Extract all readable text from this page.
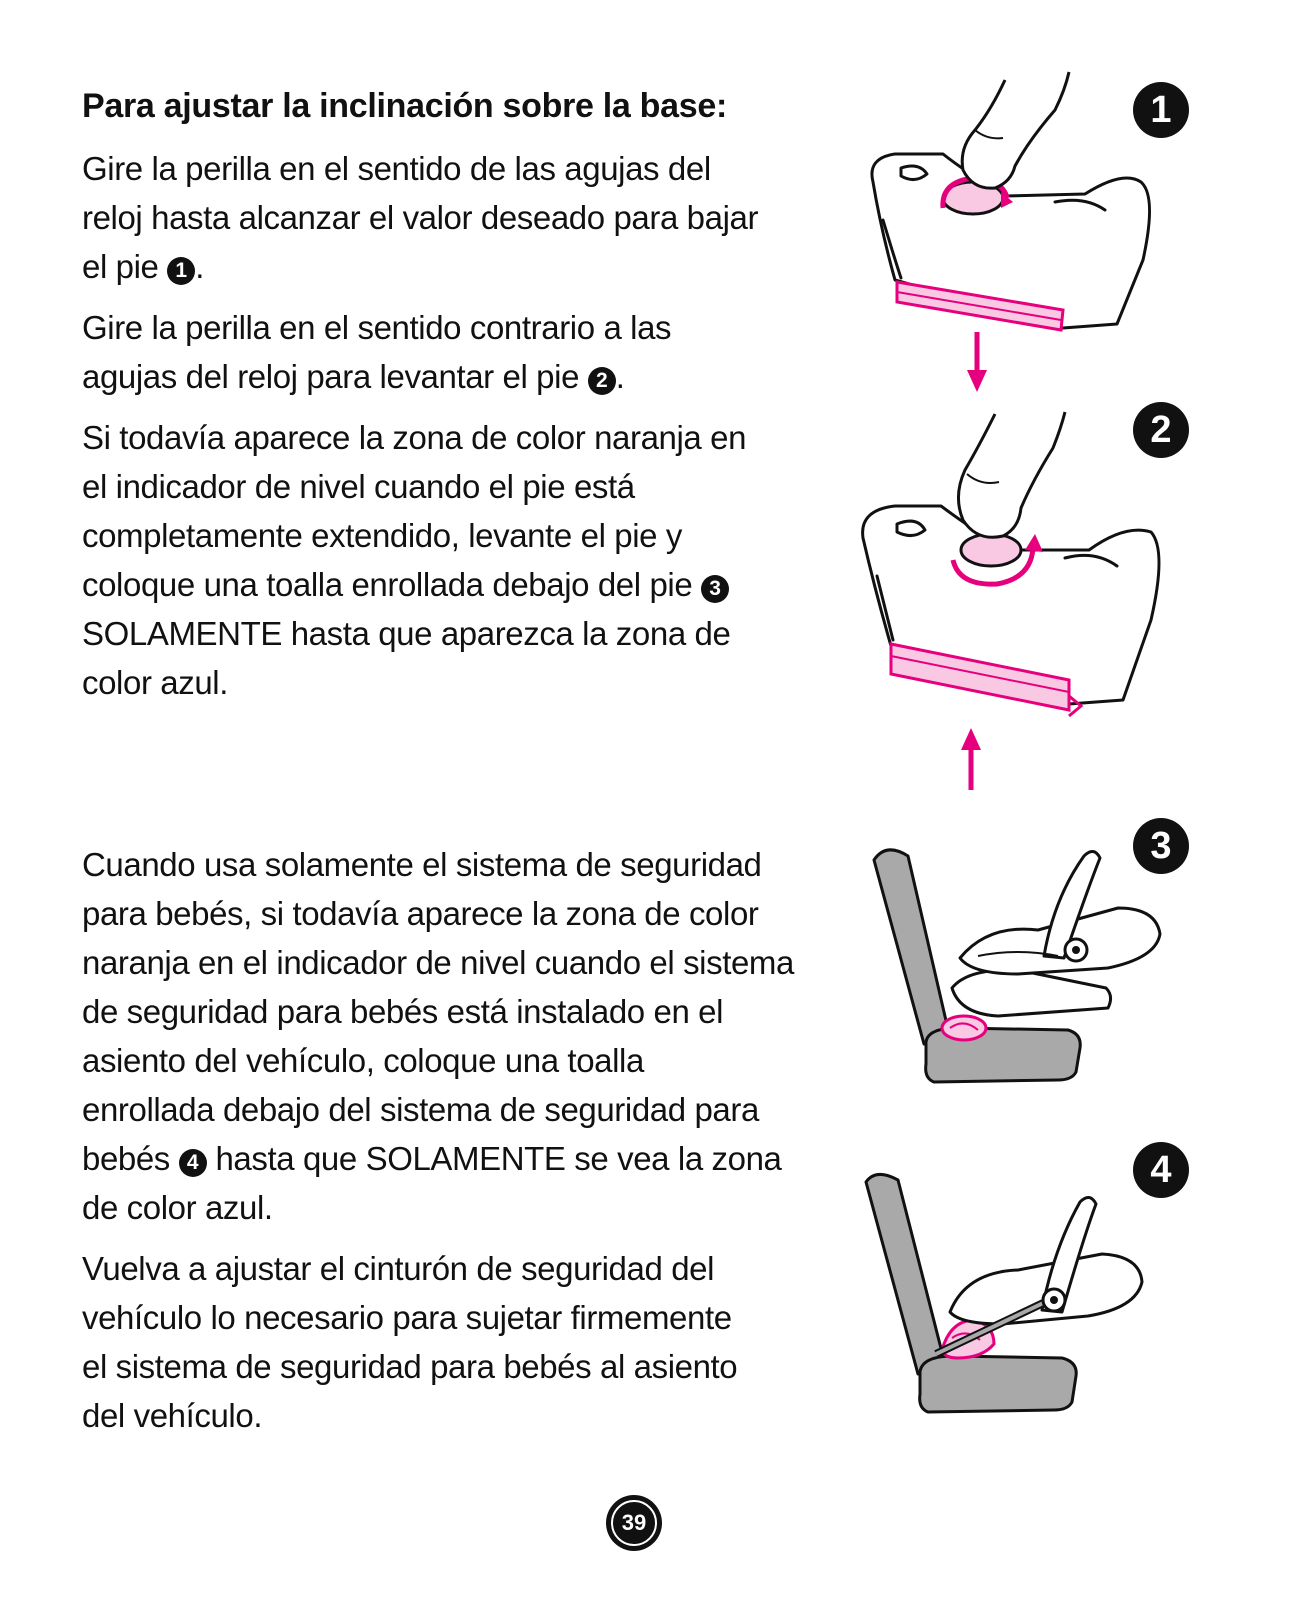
Para ajustar la inclinación sobre la base:

Gire la perilla en el sentido de las agujas del
reloj hasta alcanzar el valor deseado para bajar
el pie 1 .

Gire la perilla en el sentido contrario a las
agujas del reloj para levantar el pie 2 .

Si todavía aparece la zona de color naranja en
el indicador de nivel cuando el pie está
completamente extendido, levante el pie y
coloque una toalla enrollada debajo del pie 3
SOLAMENTE hasta que aparezca la zona de
color azul.

Cuando usa solamente el sistema de seguridad
para bebés, si todavía aparece la zona de color
naranja en el indicador de nivel cuando el sistema
de seguridad para bebés está instalado en el
asiento del vehículo, coloque una toalla
enrollada debajo del sistema de seguridad para
bebés 4 hasta que SOLAMENTE se vea la zona
de color azul.

Vuelva a ajustar el cinturón de seguridad del
vehículo lo necesario para sujetar firmemente
el sistema de seguridad para bebés al asiento
del vehículo.

1
2
3
4
39
